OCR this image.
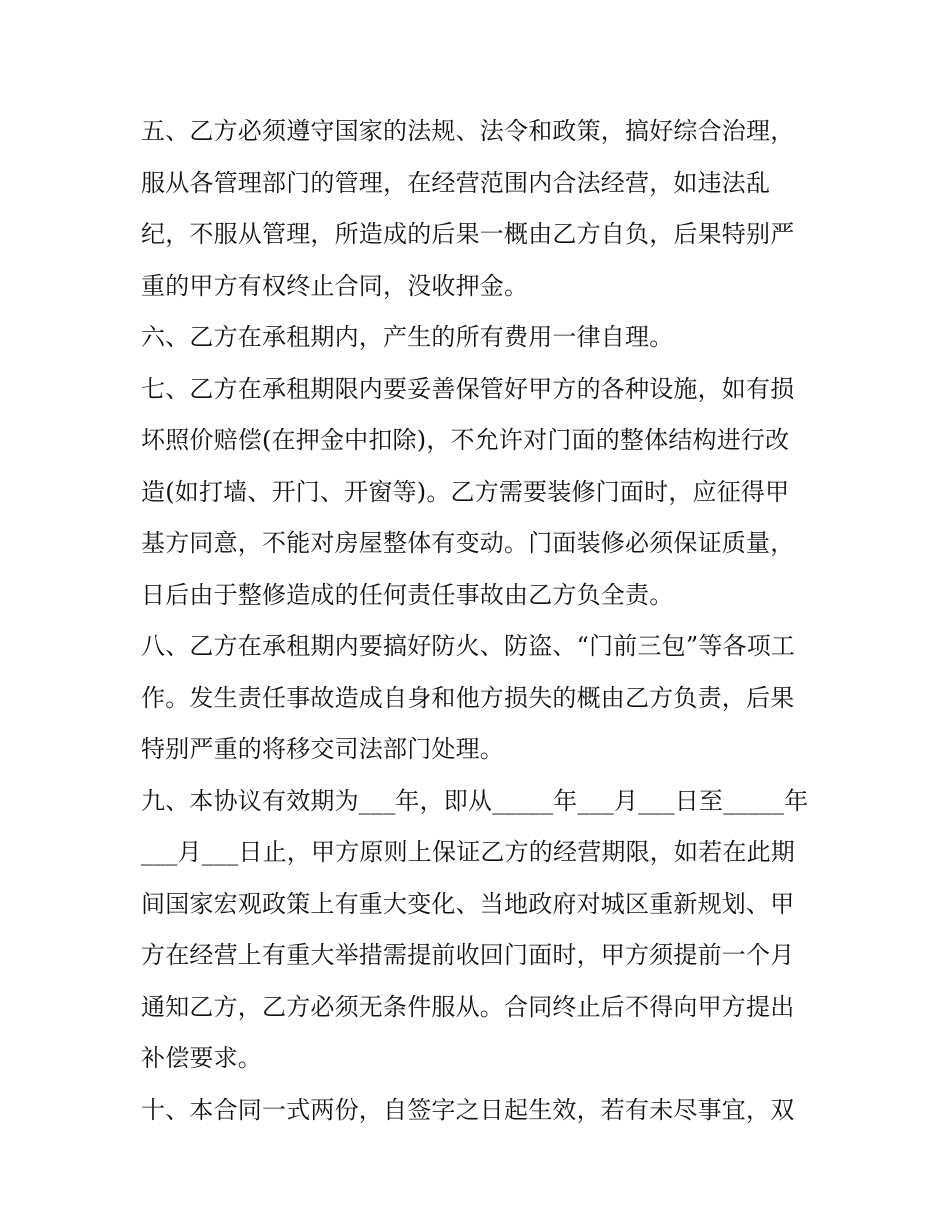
五、乙方必须遵守国家的法规、法令和政策，搞好综合治理，
服从各管理部门的管理，在经营范围内合法经营，如违法乱
纪，不服从管理，所造成的后果一概由乙方自负，后果特别严
重的甲方有权终止合同，没收押金。
六、乙方在承租期内，产生的所有费用一律自理。
七、乙方在承租期限内要妥善保管好甲方的各种设施，如有损
坏照价赔偿(在押金中扣除)，不允许对门面的整体结构进行改
造(如打墙、开门、开窗等)。乙方需要装修门面时，应征得甲
基方同意，不能对房屋整体有变动。门面装修必须保证质量，
日后由于整修造成的任何责任事故由乙方负全责。
八、乙方在承租期内要搞好防火、防盗、“门前三包”等各项工
作。发生责任事故造成自身和他方损失的概由乙方负责，后果
特别严重的将移交司法部门处理。
九、本协议有效期为___年，即从_____年___月___日至_____年
___月___日止，甲方原则上保证乙方的经营期限，如若在此期
间国家宏观政策上有重大变化、当地政府对城区重新规划、甲
方在经营上有重大举措需提前收回门面时，甲方须提前一个月
通知乙方，乙方必须无条件服从。合同终止后不得向甲方提出
补偿要求。
十、本合同一式两份，自签字之日起生效，若有未尽事宜，双
